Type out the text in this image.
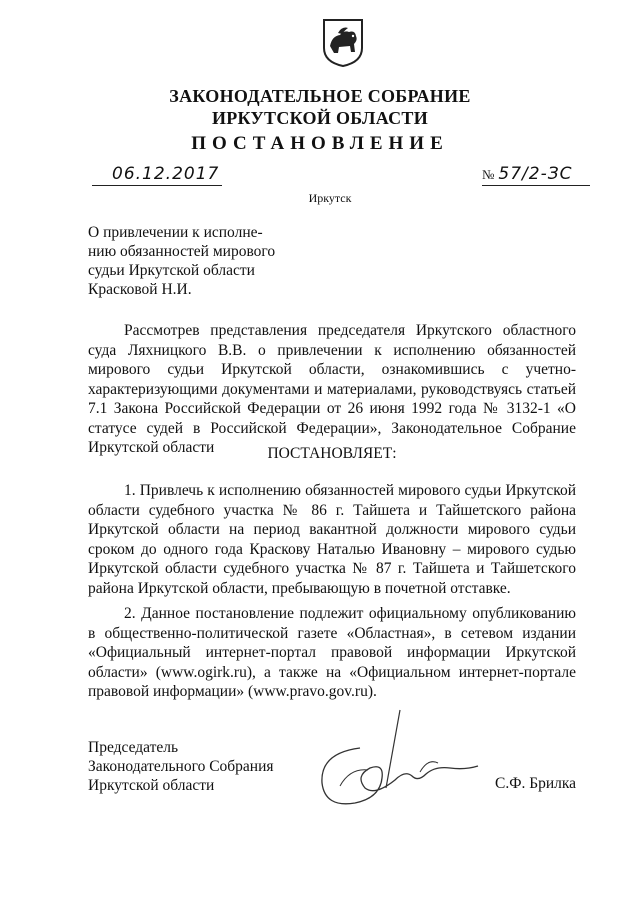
ЗАКОНОДАТЕЛЬНОЕ СОБРАНИЕ
ИРКУТСКОЙ ОБЛАСТИ
ПОСТАНОВЛЕНИЕ
06.12.2017	№ 57/2-ЗС
Иркутск
О привлечении к исполне-
нию обязанностей мирового
судьи Иркутской области
Красковой Н.И.
Рассмотрев представления председателя Иркутского областного суда Ляхницкого В.В. о привлечении к исполнению обязанностей мирового судьи Иркутской области, ознакомившись с учетно-характеризующими документами и материалами, руководствуясь статьей 7.1 Закона Российской Федерации от 26 июня 1992 года № 3132-1 «О статусе судей в Российской Федерации», Законодательное Собрание Иркутской области	ПОСТАНОВЛЯЕТ:
1. Привлечь к исполнению обязанностей мирового судьи Иркутской области судебного участка № 86 г. Тайшета и Тайшетского района Иркутской области на период вакантной должности мирового судьи сроком до одного года Краскову Наталью Ивановну – мирового судью Иркутской области судебного участка № 87 г. Тайшета и Тайшетского района Иркутской области, пребывающую в почетной отставке.
2. Данное постановление подлежит официальному опубликованию в общественно-политической газете «Областная», в сетевом издании «Официальный интернет-портал правовой информации Иркутской области» (www.ogirk.ru), а также на «Официальном интернет-портале правовой информации» (www.pravo.gov.ru).
Председатель
Законодательного Собрания
Иркутской области	С.Ф. Брилка
